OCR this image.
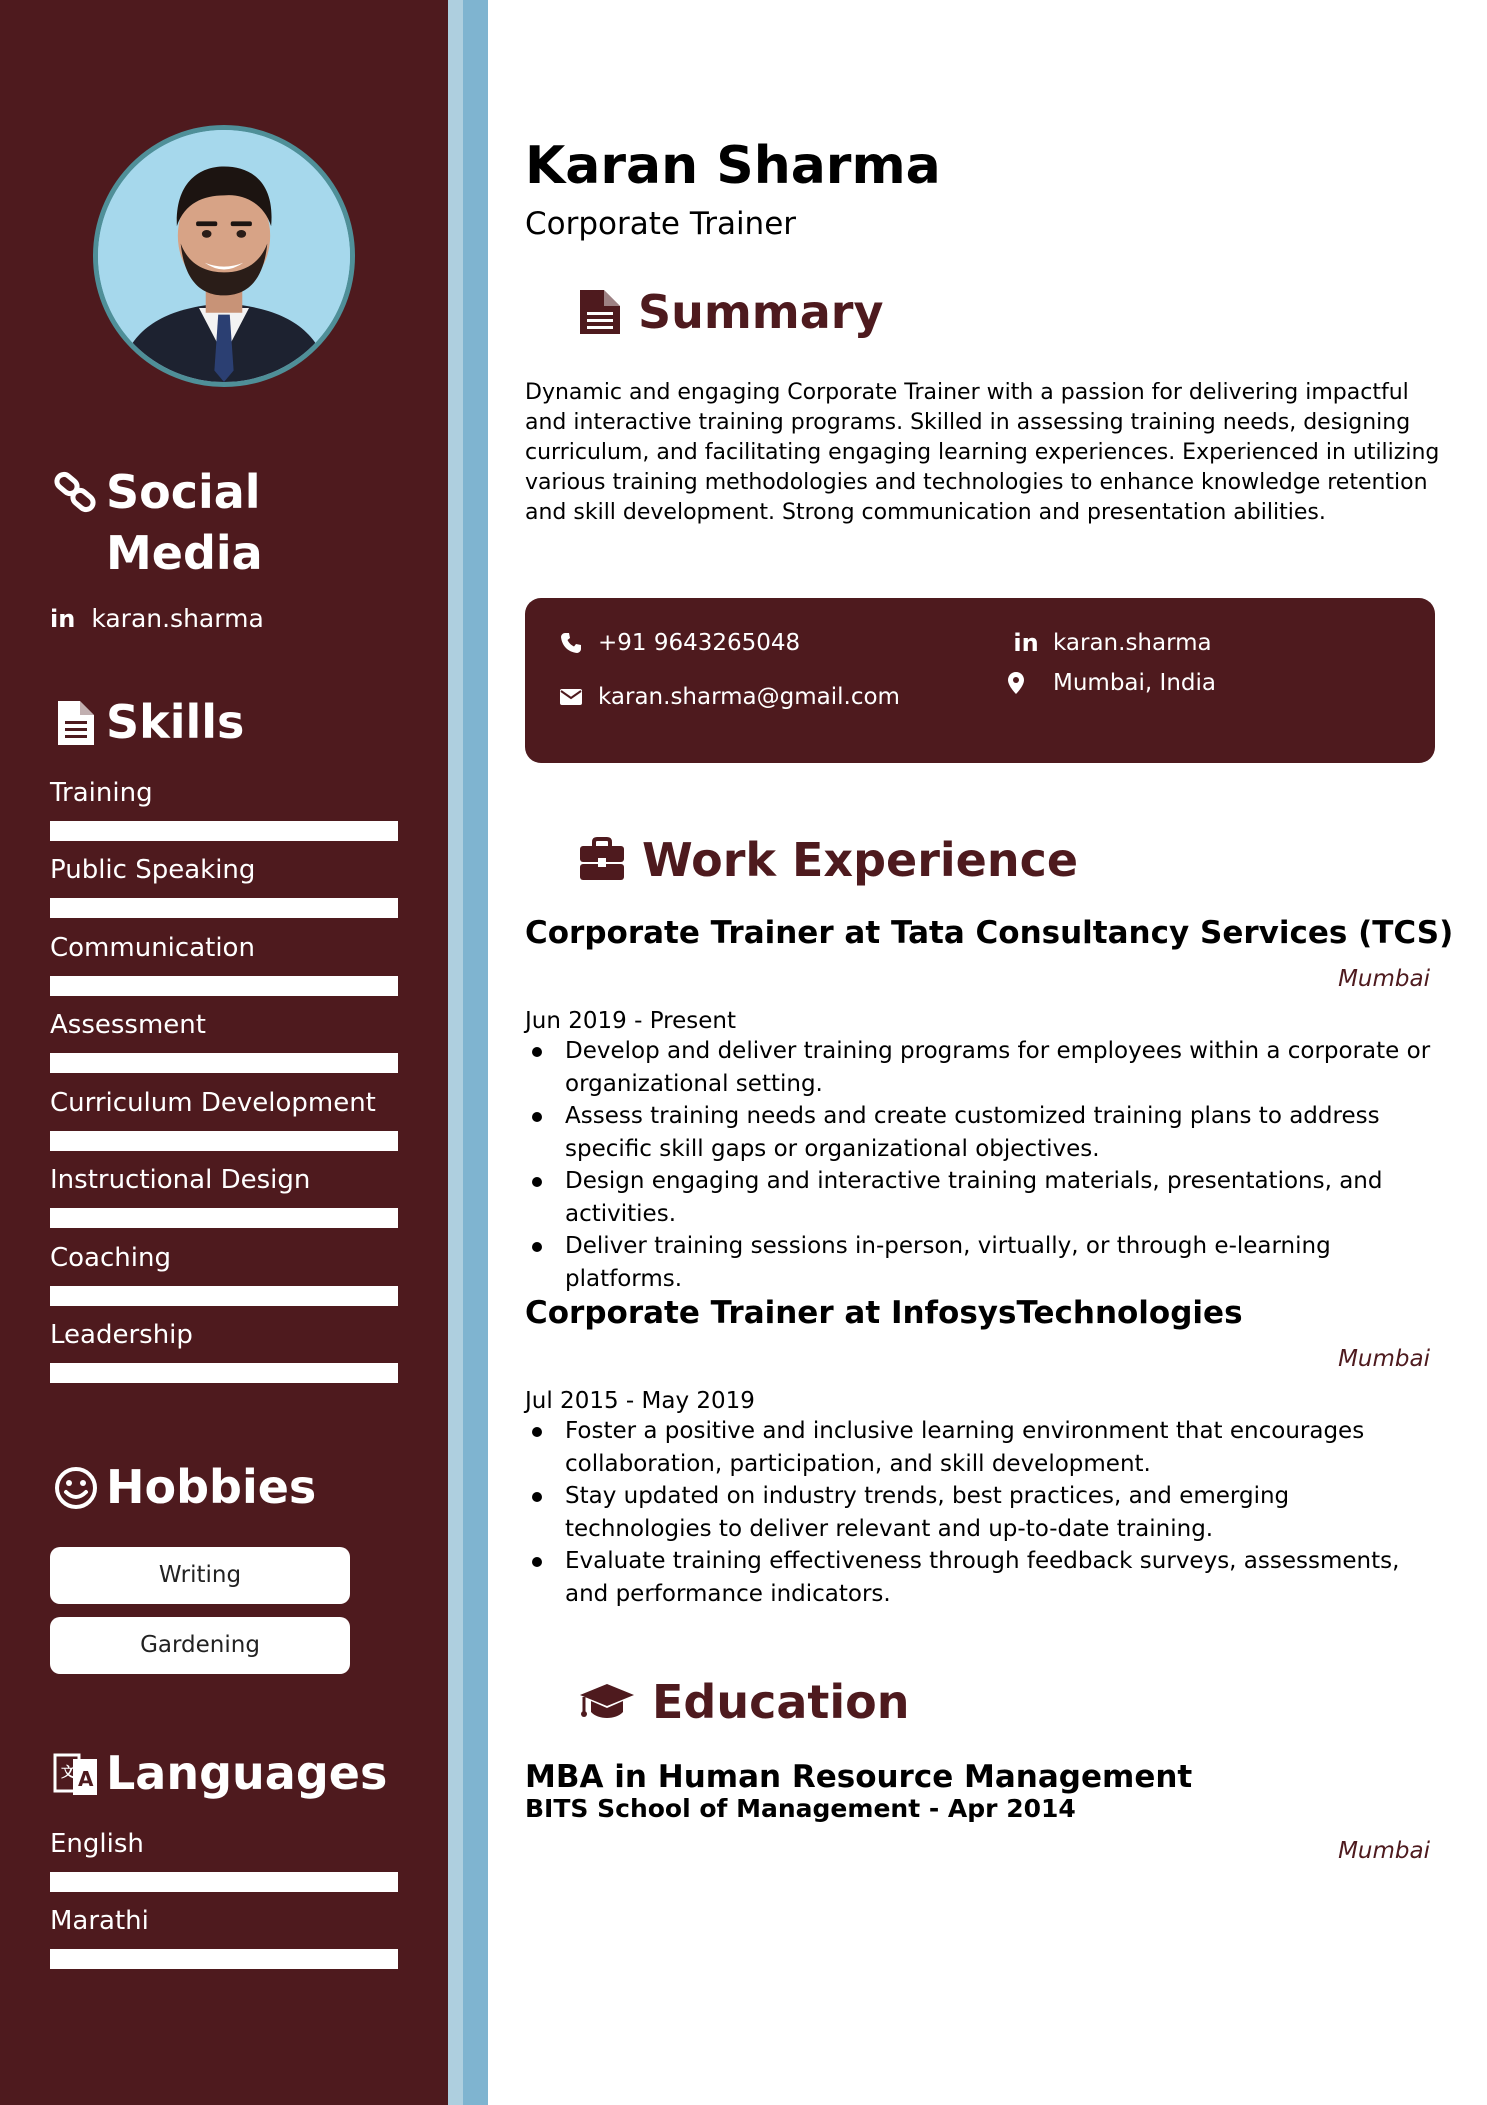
Social
Media
in karan.sharma
Skills
Training
Public Speaking
Communication
Assessment
Curriculum Development
Instructional Design
Coaching
Leadership
Hobbies
Writing
Gardening
文 A Languages
English
Marathi
Karan Sharma
Corporate Trainer
Summary

Dynamic and engaging Corporate Trainer with a passion for delivering impactful and interactive training programs. Skilled in assessing training needs, designing curriculum, and facilitating engaging learning experiences. Experienced in utilizing various training methodologies and technologies to enhance knowledge retention and skill development. Strong communication and presentation abilities.

+91 9643265048
karan.sharma@gmail.com
in karan.sharma
Mumbai, India
Work Experience
Corporate Trainer at Tata Consultancy Services (TCS)
Mumbai
Jun 2019 - Present
Develop and deliver training programs for employees within a corporate or organizational setting.
Assess training needs and create customized training plans to address specific skill gaps or organizational objectives.
Design engaging and interactive training materials, presentations, and activities.
Deliver training sessions in-person, virtually, or through e-learning platforms.
Corporate Trainer at InfosysTechnologies
Mumbai
Jul 2015 - May 2019
Foster a positive and inclusive learning environment that encourages collaboration, participation, and skill development.
Stay updated on industry trends, best practices, and emerging technologies to deliver relevant and up-to-date training.
Evaluate training effectiveness through feedback surveys, assessments, and performance indicators.
Education
MBA in Human Resource Management
BITS School of Management - Apr 2014
Mumbai
